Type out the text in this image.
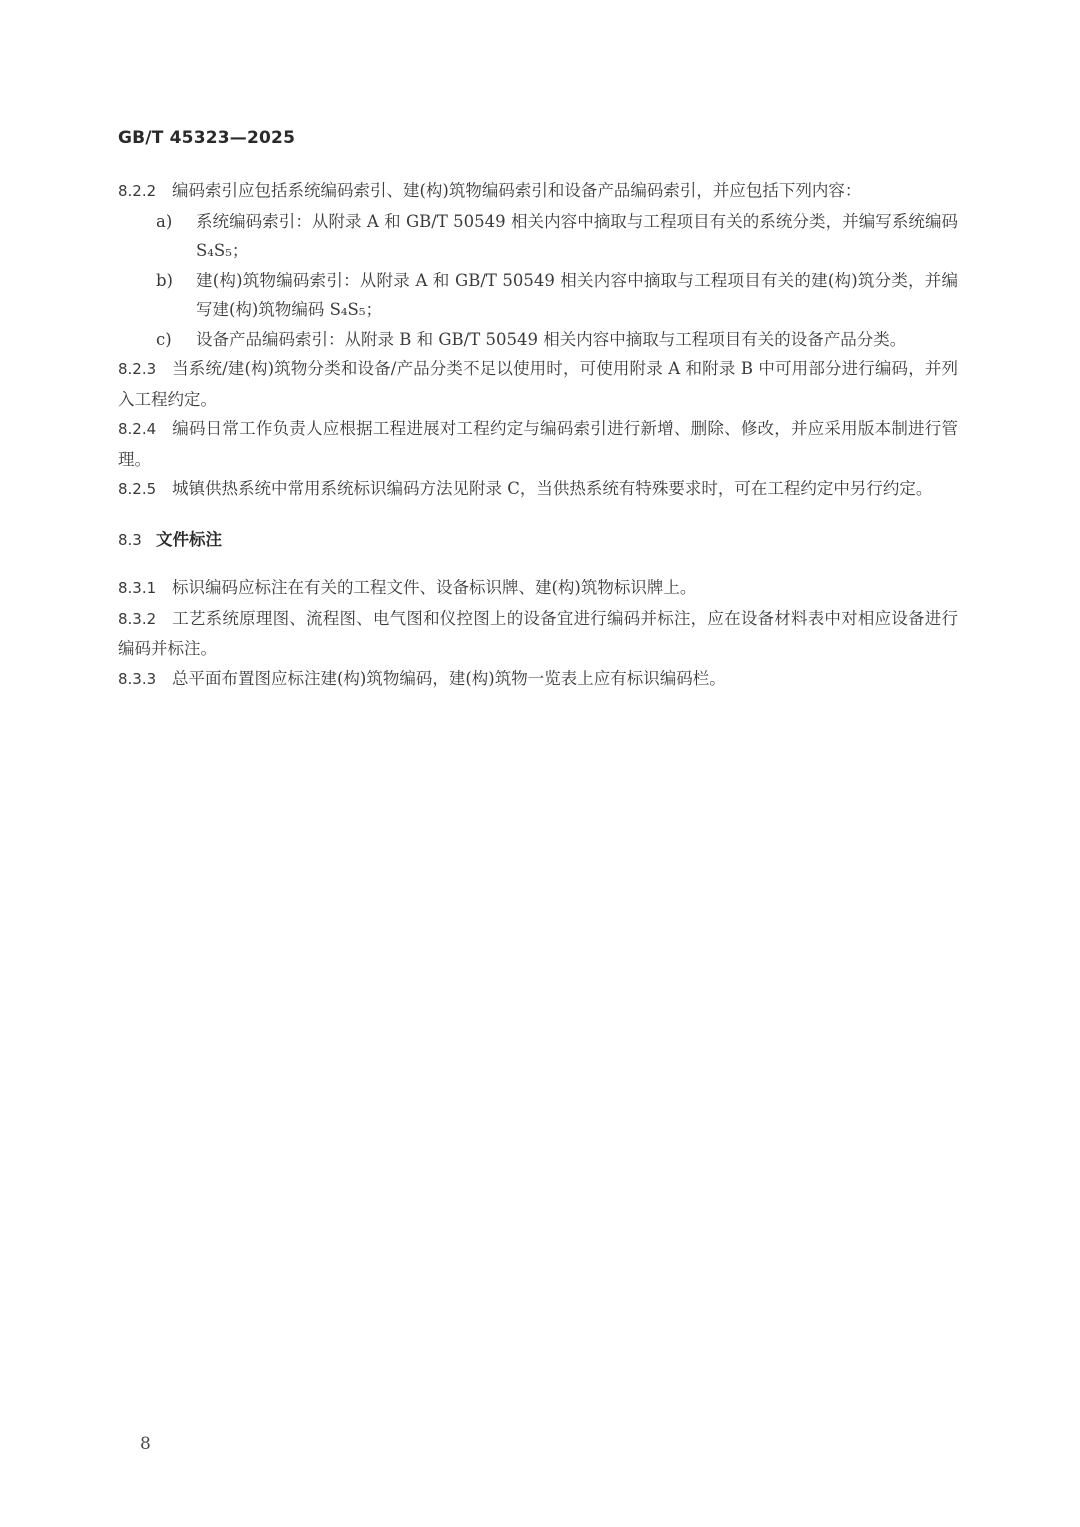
GB/T 45323—2025

8.2.2 编码索引应包括系统编码索引、建(构)筑物编码索引和设备产品编码索引，并应包括下列内容：

a) 系统编码索引：从附录 A 和 GB/T 50549 相关内容中摘取与工程项目有关的系统分类，并编写系统编码 S₄S₅；

b) 建(构)筑物编码索引：从附录 A 和 GB/T 50549 相关内容中摘取与工程项目有关的建(构)筑分类，并编写建(构)筑物编码 S₄S₅；

c) 设备产品编码索引：从附录 B 和 GB/T 50549 相关内容中摘取与工程项目有关的设备产品分类。

8.2.3 当系统/建(构)筑物分类和设备/产品分类不足以使用时，可使用附录 A 和附录 B 中可用部分进行编码，并列入工程约定。

8.2.4 编码日常工作负责人应根据工程进展对工程约定与编码索引进行新增、删除、修改，并应采用版本制进行管理。

8.2.5 城镇供热系统中常用系统标识编码方法见附录 C，当供热系统有特殊要求时，可在工程约定中另行约定。

8.3 文件标注

8.3.1 标识编码应标注在有关的工程文件、设备标识牌、建(构)筑物标识牌上。

8.3.2 工艺系统原理图、流程图、电气图和仪控图上的设备宜进行编码并标注，应在设备材料表中对相应设备进行编码并标注。

8.3.3 总平面布置图应标注建(构)筑物编码，建(构)筑物一览表上应有标识编码栏。

8
